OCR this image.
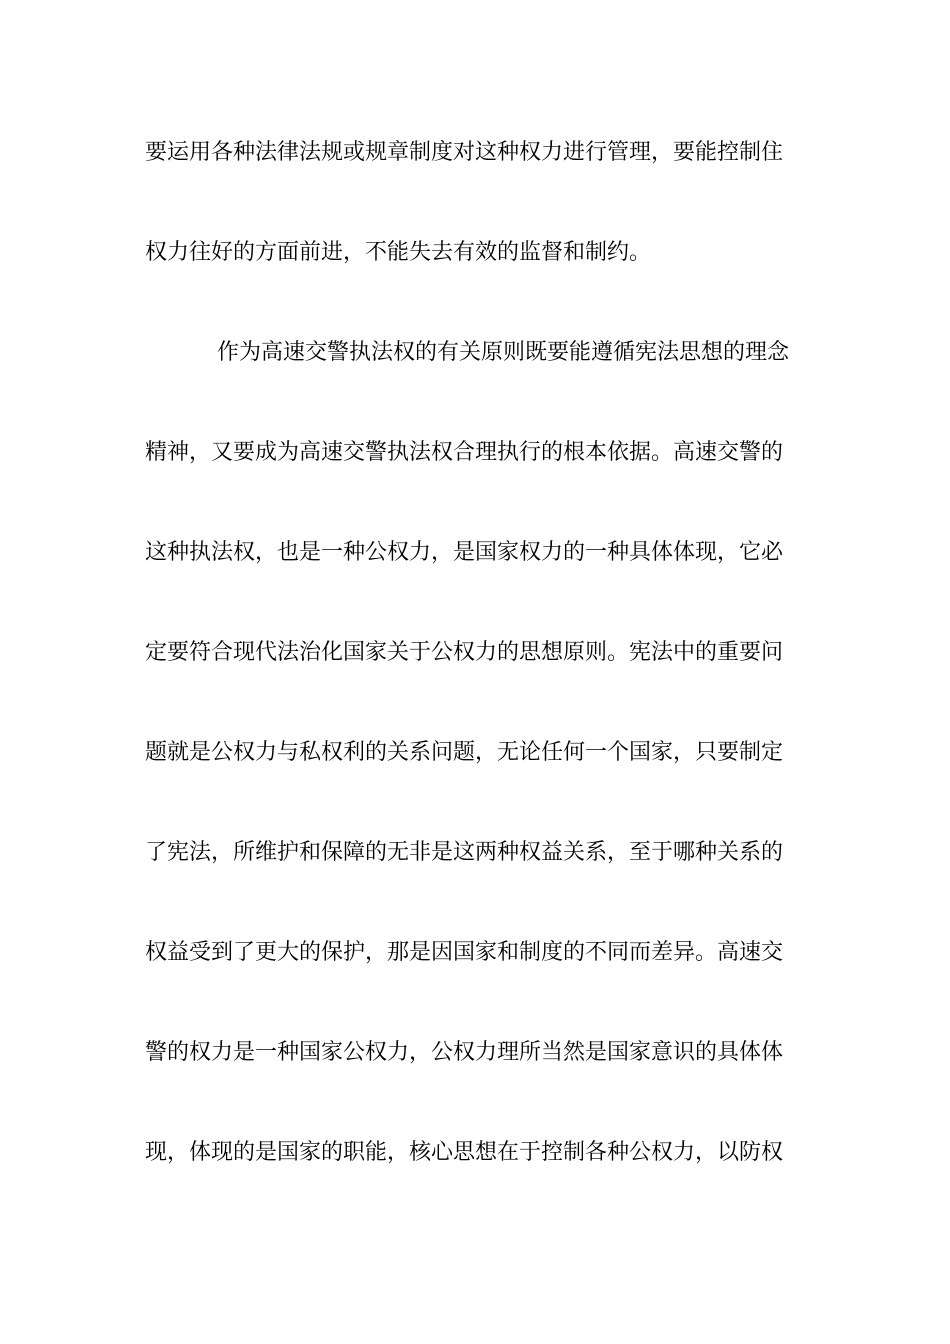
要运用各种法律法规或规章制度对这种权力进行管理，要能控制住
权力往好的方面前进，不能失去有效的监督和制约。
作为高速交警执法权的有关原则既要能遵循宪法思想的理念
精神，又要成为高速交警执法权合理执行的根本依据。高速交警的
这种执法权，也是一种公权力，是国家权力的一种具体体现，它必
定要符合现代法治化国家关于公权力的思想原则。宪法中的重要问
题就是公权力与私权利的关系问题，无论任何一个国家，只要制定
了宪法，所维护和保障的无非是这两种权益关系，至于哪种关系的
权益受到了更大的保护，那是因国家和制度的不同而差异。高速交
警的权力是一种国家公权力，公权力理所当然是国家意识的具体体
现，体现的是国家的职能，核心思想在于控制各种公权力，以防权
